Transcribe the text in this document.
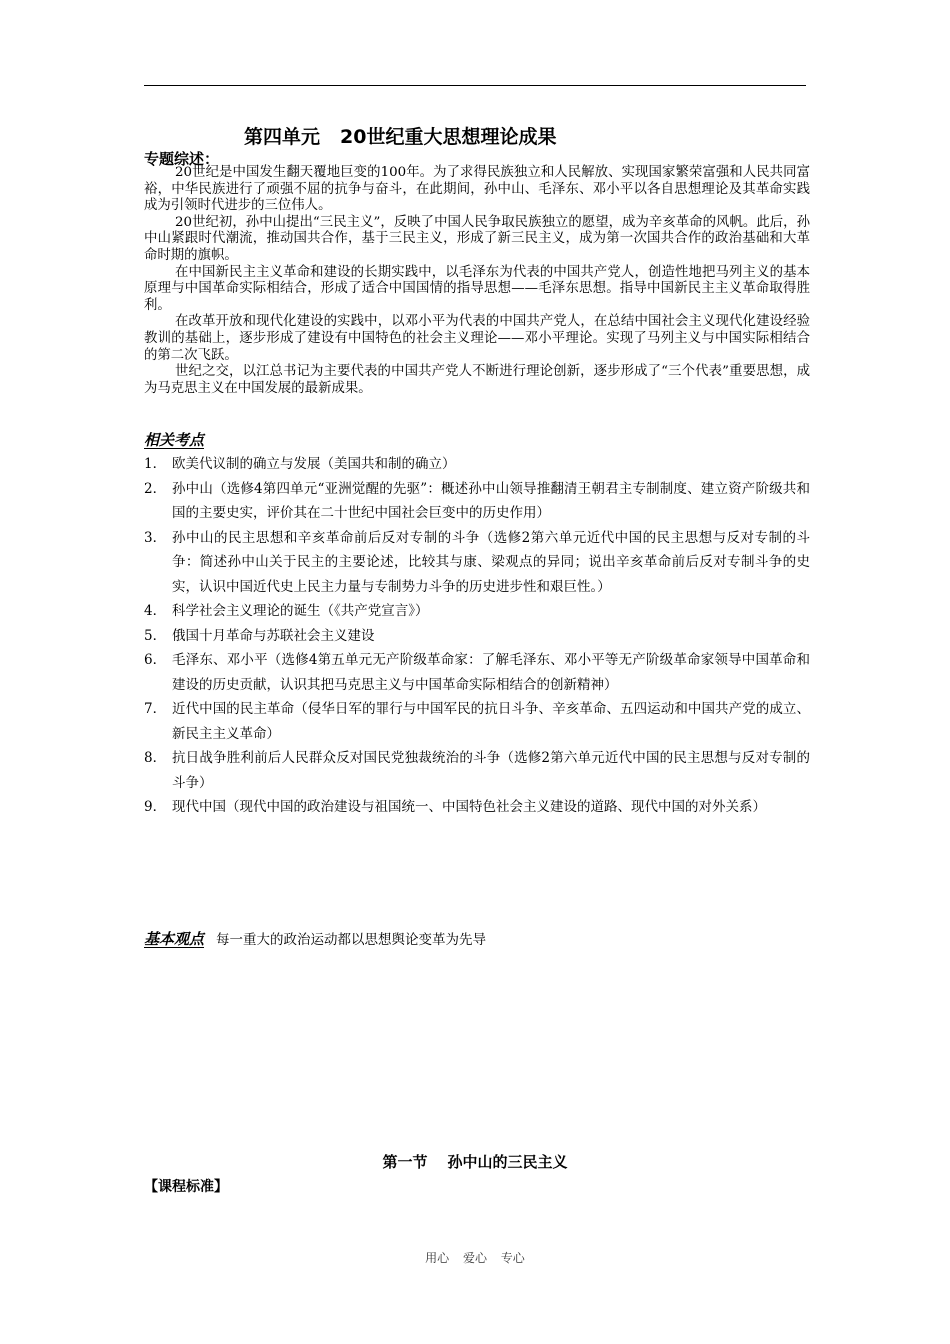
第四单元 20世纪重大思想理论成果
专题综述：

20世纪是中国发生翻天覆地巨变的100年。为了求得民族独立和人民解放、实现国家繁荣富强和人民共同富裕，中华民族进行了顽强不屈的抗争与奋斗，在此期间，孙中山、毛泽东、邓小平以各自思想理论及其革命实践成为引领时代进步的三位伟人。

20世纪初，孙中山提出“三民主义”，反映了中国人民争取民族独立的愿望，成为辛亥革命的风帆。此后，孙中山紧跟时代潮流，推动国共合作，基于三民主义，形成了新三民主义，成为第一次国共合作的政治基础和大革命时期的旗帜。

在中国新民主主义革命和建设的长期实践中，以毛泽东为代表的中国共产党人，创造性地把马列主义的基本原理与中国革命实际相结合，形成了适合中国国情的指导思想——毛泽东思想。指导中国新民主主义革命取得胜利。

在改革开放和现代化建设的实践中，以邓小平为代表的中国共产党人，在总结中国社会主义现代化建设经验教训的基础上，逐步形成了建设有中国特色的社会主义理论——邓小平理论。实现了马列主义与中国实际相结合的第二次飞跃。

世纪之交，以江总书记为主要代表的中国共产党人不断进行理论创新，逐步形成了“三个代表”重要思想，成为马克思主义在中国发展的最新成果。

相关考点
1． 欧美代议制的确立与发展（美国共和制的确立）
2． 孙中山（选修4第四单元“亚洲觉醒的先驱”：概述孙中山领导推翻清王朝君主专制制度、建立资产阶级共和国的主要史实，评价其在二十世纪中国社会巨变中的历史作用）
3． 孙中山的民主思想和辛亥革命前后反对专制的斗争（选修2第六单元近代中国的民主思想与反对专制的斗争：简述孙中山关于民主的主要论述，比较其与康、梁观点的异同；说出辛亥革命前后反对专制斗争的史实，认识中国近代史上民主力量与专制势力斗争的历史进步性和艰巨性。）
4． 科学社会主义理论的诞生（《共产党宣言》）
5． 俄国十月革命与苏联社会主义建设
6． 毛泽东、邓小平（选修4第五单元无产阶级革命家：了解毛泽东、邓小平等无产阶级革命家领导中国革命和建设的历史贡献，认识其把马克思主义与中国革命实际相结合的创新精神）
7． 近代中国的民主革命（侵华日军的罪行与中国军民的抗日斗争、辛亥革命、五四运动和中国共产党的成立、新民主主义革命）
8． 抗日战争胜利前后人民群众反对国民党独裁统治的斗争（选修2第六单元近代中国的民主思想与反对专制的斗争）
9． 现代中国（现代中国的政治建设与祖国统一、中国特色社会主义建设的道路、现代中国的对外关系）
基本观点 每一重大的政治运动都以思想舆论变革为先导
第一节 孙中山的三民主义
【课程标准】
用心 爱心 专心
